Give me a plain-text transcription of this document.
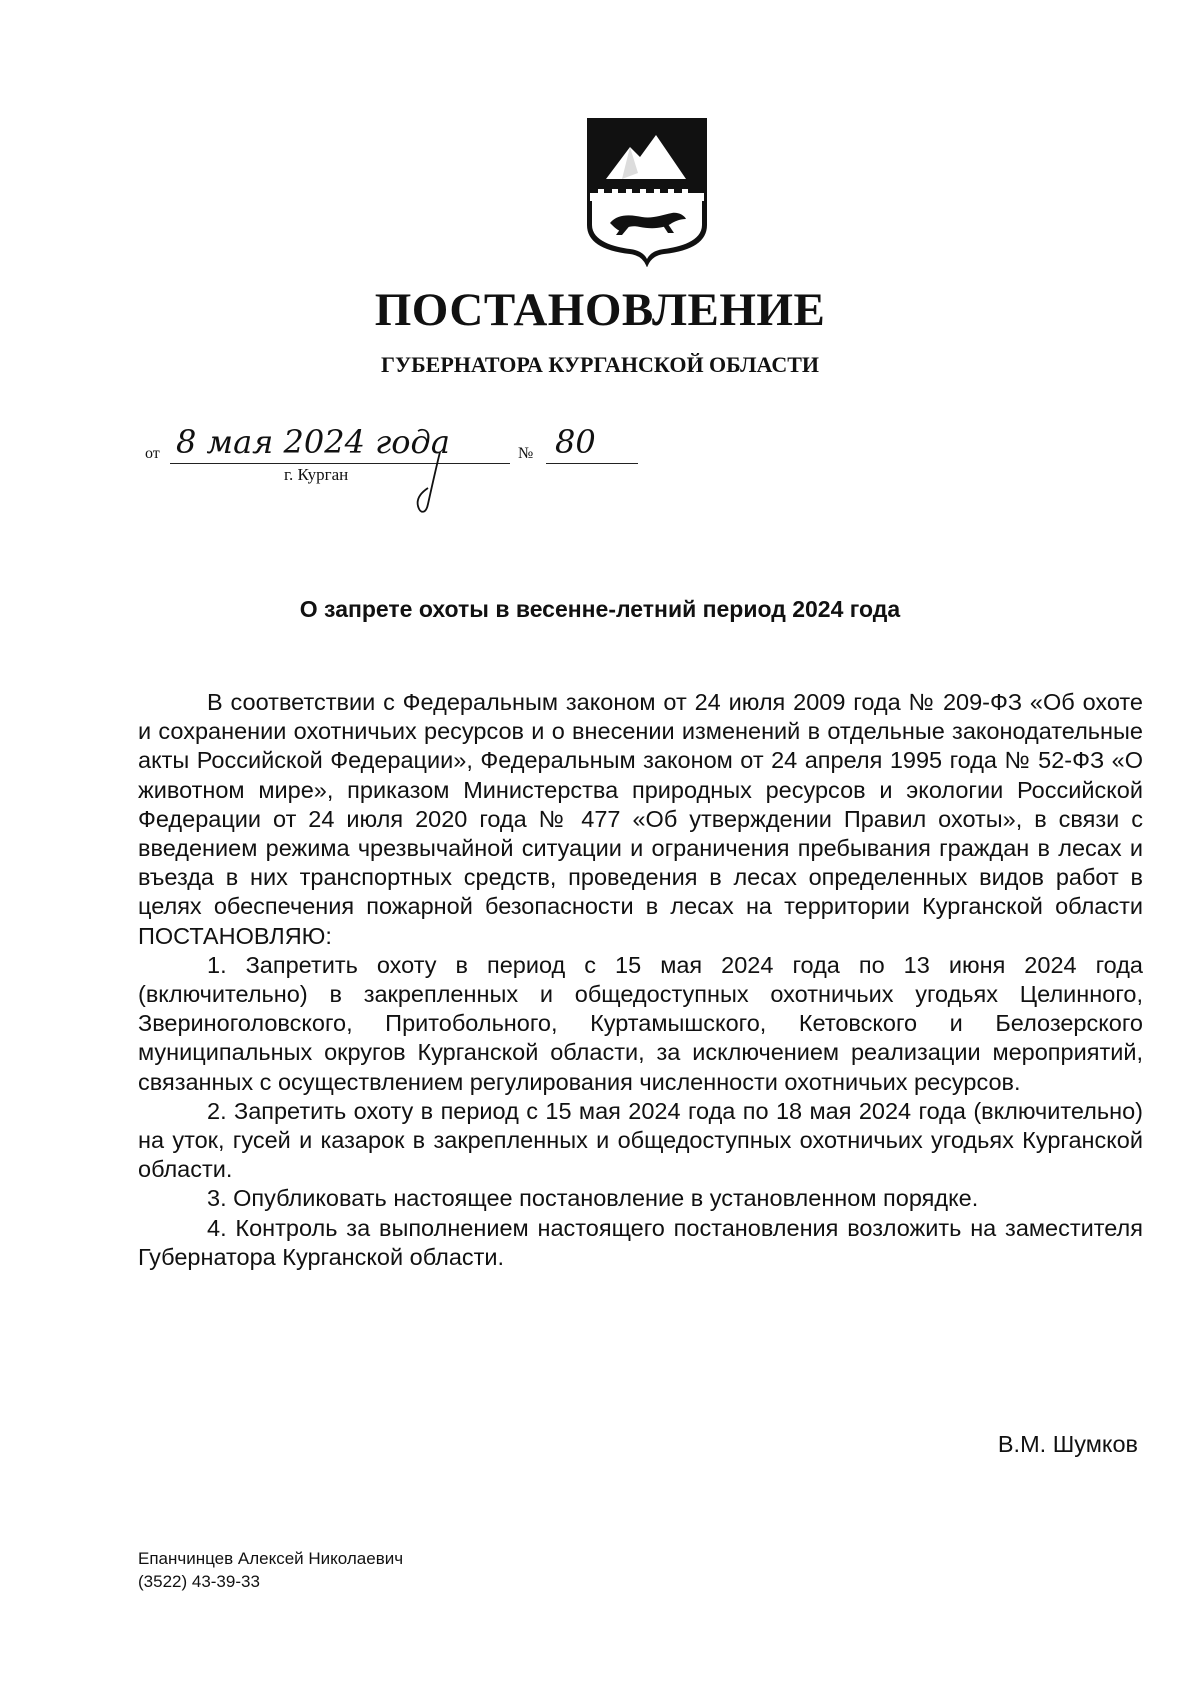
ПОСТАНОВЛЕНИЕ
ГУБЕРНАТОРА КУРГАНСКОЙ ОБЛАСТИ
от 8 мая 2024 года	№ 80
г. Курган
О запрете охоты в весенне-летний период 2024 года

В соответствии с Федеральным законом от 24 июля 2009 года № 209-ФЗ «Об охоте и сохранении охотничьих ресурсов и о внесении изменений в отдельные законодательные акты Российской Федерации», Федеральным законом от 24 апреля 1995 года № 52-ФЗ «О животном мире», приказом Министерства природных ресурсов и экологии Российской Федерации от 24 июля 2020 года № 477 «Об утверждении Правил охоты», в связи с введением режима чрезвычайной ситуации и ограничения пребывания граждан в лесах и въезда в них транспортных средств, проведения в лесах определенных видов работ в целях обеспечения пожарной безопасности в лесах на территории Курганской области ПОСТАНОВЛЯЮ:

1. Запретить охоту в период с 15 мая 2024 года по 13 июня 2024 года (включительно) в закрепленных и общедоступных охотничьих угодьях Целинного, Звериноголовского, Притобольного, Куртамышского, Кетовского и Белозерского муниципальных округов Курганской области, за исключением реализации мероприятий, связанных с осуществлением регулирования численности охотничьих ресурсов.

2. Запретить охоту в период с 15 мая 2024 года по 18 мая 2024 года (включительно) на уток, гусей и казарок в закрепленных и общедоступных охотничьих угодьях Курганской области.

3. Опубликовать настоящее постановление в установленном порядке.

4. Контроль за выполнением настоящего постановления возложить на заместителя Губернатора Курганской области.

В.М. Шумков
Епанчинцев Алексей Николаевич
(3522) 43-39-33
